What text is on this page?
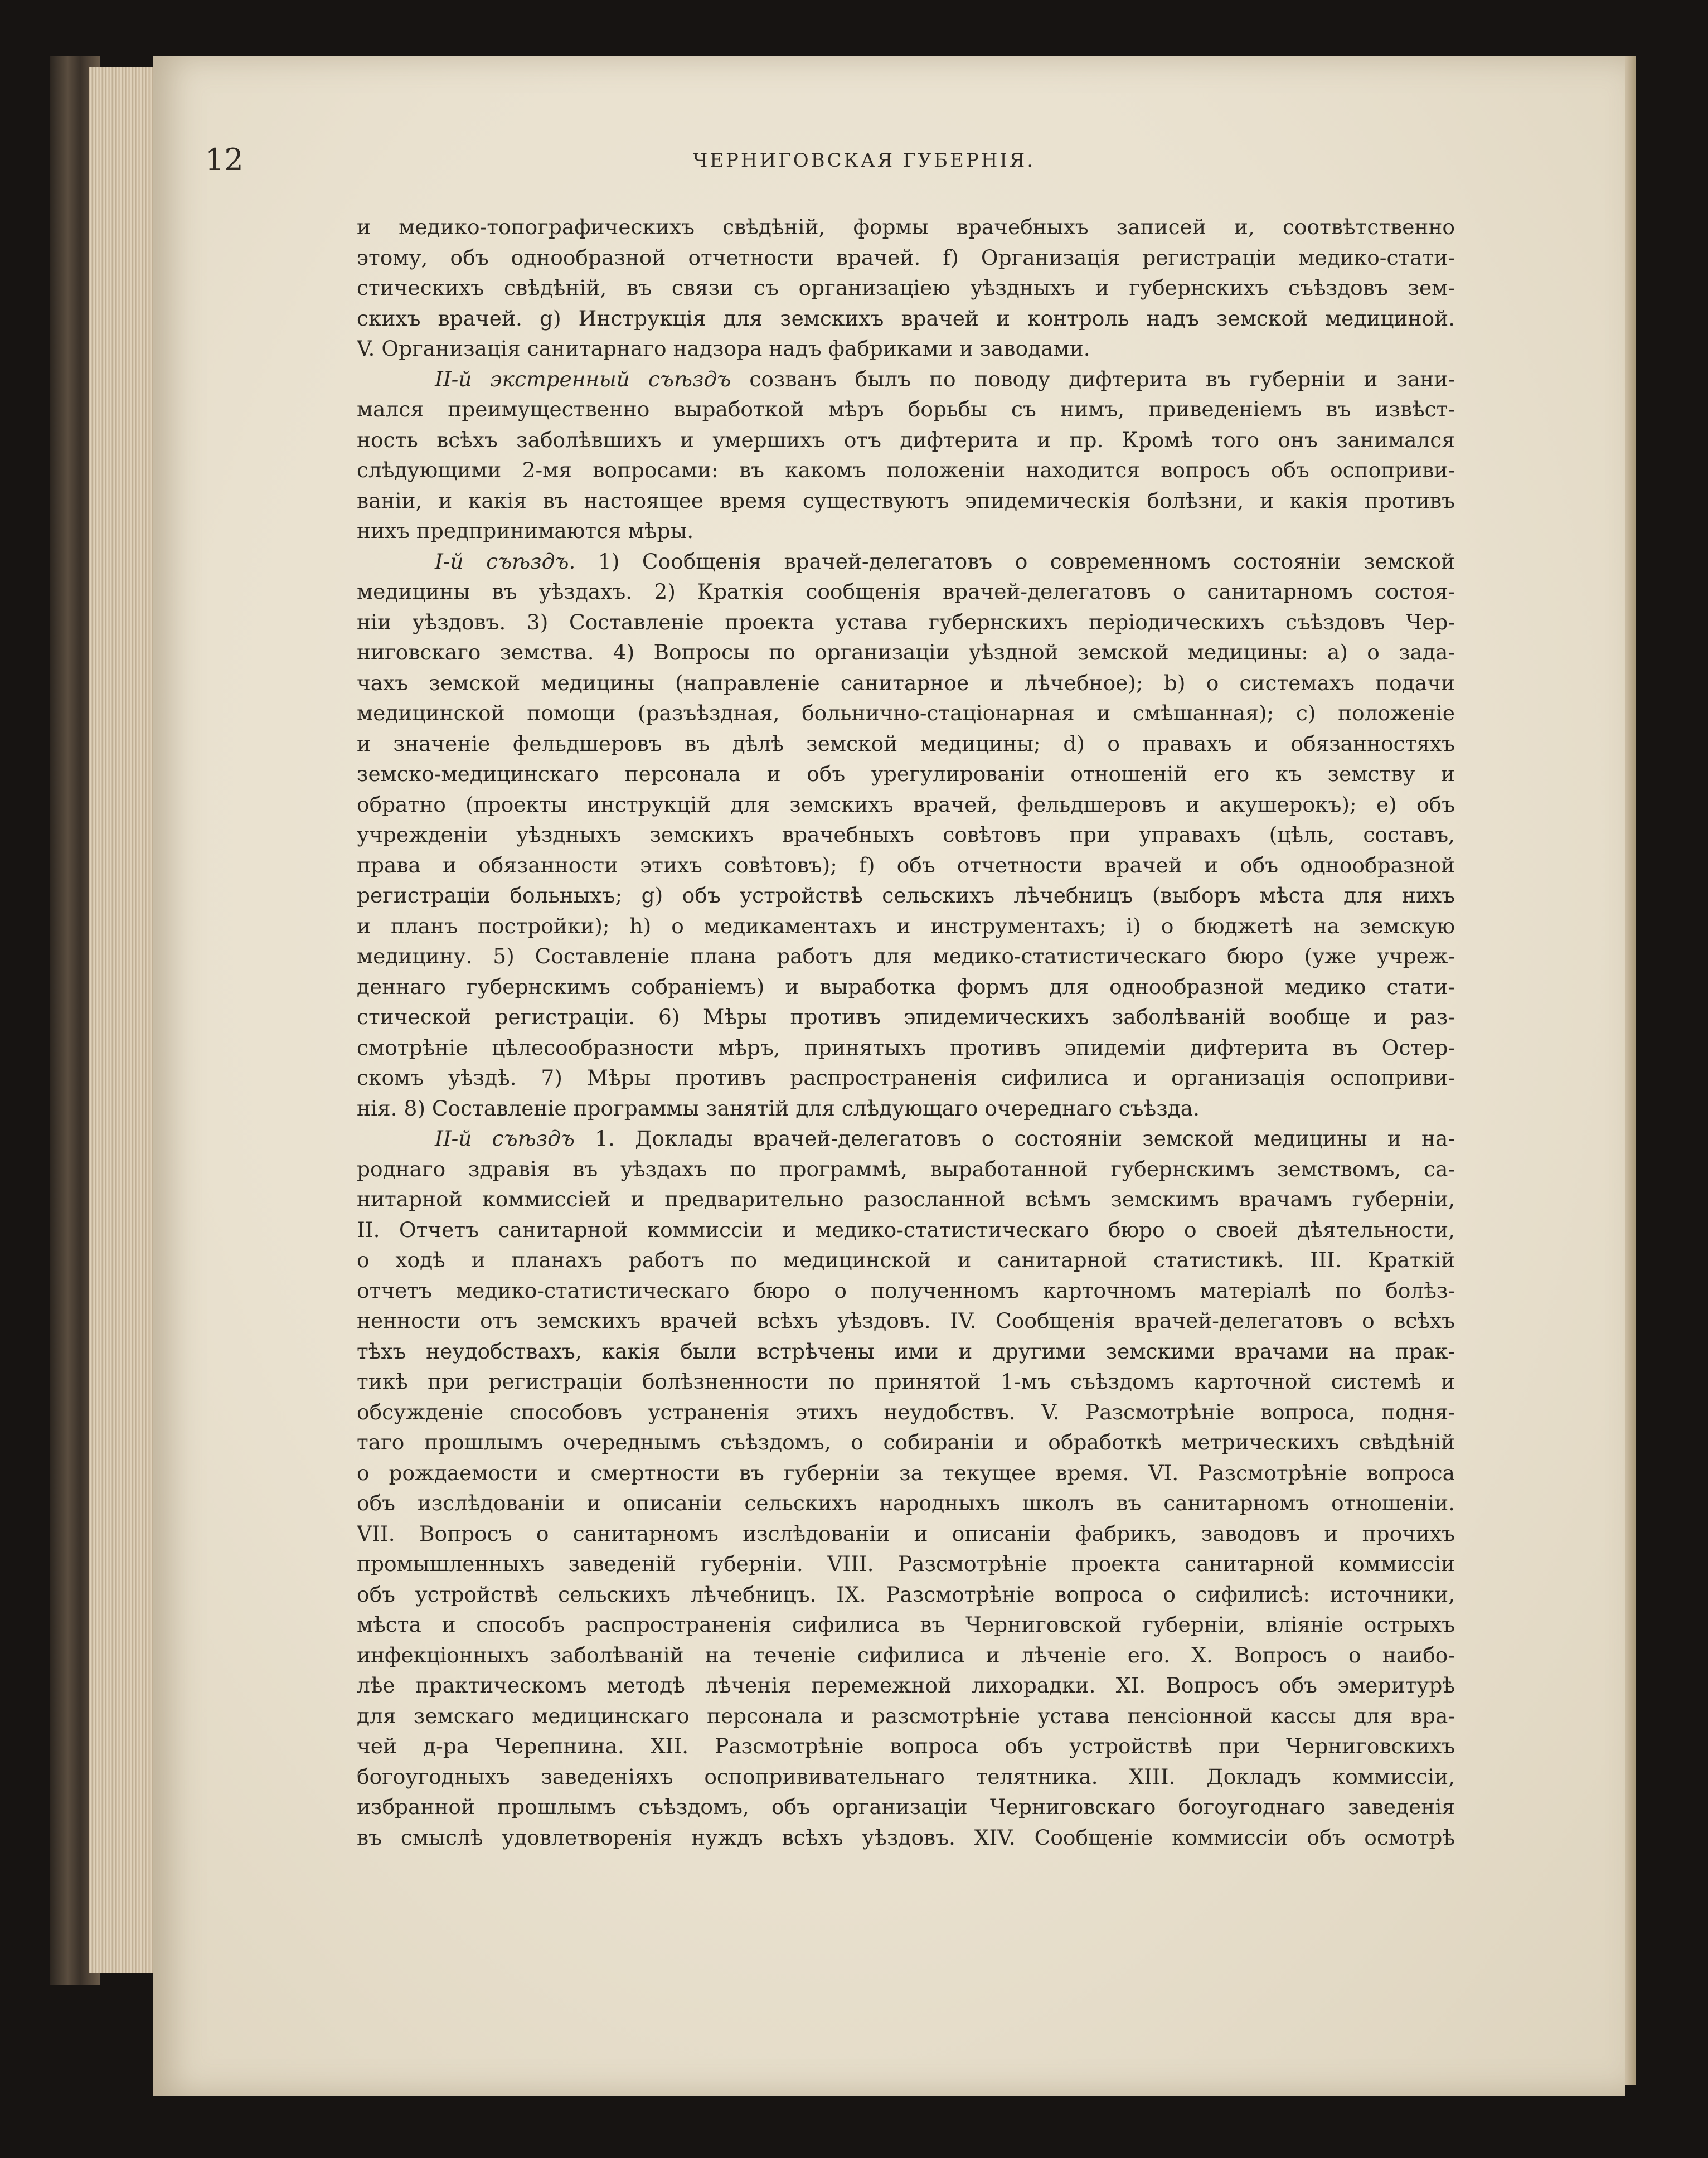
12	ЧЕРНИГОВСКАЯ ГУБЕРНІЯ.
и медико-топографическихъ свѣдѣній, формы врачебныхъ записей и, соотвѣтственно
этому, объ однообразной отчетности врачей. f) Организація регистраціи медико-стати-
стическихъ свѣдѣній, въ связи съ организаціею уѣздныхъ и губернскихъ съѣздовъ зем-
скихъ врачей. g) Инструкція для земскихъ врачей и контроль надъ земской медициной.
V. Организація санитарнаго надзора надъ фабриками и заводами.
II-й экстренный съѣздъ созванъ былъ по поводу дифтерита въ губерніи и зани-
мался преимущественно выработкой мѣръ борьбы съ нимъ, приведеніемъ въ извѣст-
ность всѣхъ заболѣвшихъ и умершихъ отъ дифтерита и пр. Кромѣ того онъ занимался
слѣдующими 2-мя вопросами: въ какомъ положеніи находится вопросъ объ оспоприви-
ваніи, и какія въ настоящее время существуютъ эпидемическія болѣзни, и какія противъ
нихъ предпринимаются мѣры.
I-й съѣздъ. 1) Сообщенія врачей-делегатовъ о современномъ состояніи земской
медицины въ уѣздахъ. 2) Краткія сообщенія врачей-делегатовъ о санитарномъ состоя-
ніи уѣздовъ. 3) Составленіе проекта устава губернскихъ періодическихъ съѣздовъ Чер-
ниговскаго земства. 4) Вопросы по организаціи уѣздной земской медицины: a) о зада-
чахъ земской медицины (направленіе санитарное и лѣчебное); b) о системахъ подачи
медицинской помощи (разъѣздная, больнично-стаціонарная и смѣшанная); c) положеніе
и значеніе фельдшеровъ въ дѣлѣ земской медицины; d) о правахъ и обязанностяхъ
земско-медицинскаго персонала и объ урегулированіи отношеній его къ земству и
обратно (проекты инструкцій для земскихъ врачей, фельдшеровъ и акушерокъ); e) объ
учрежденіи уѣздныхъ земскихъ врачебныхъ совѣтовъ при управахъ (цѣль, составъ,
права и обязанности этихъ совѣтовъ); f) объ отчетности врачей и объ однообразной
регистраціи больныхъ; g) объ устройствѣ сельскихъ лѣчебницъ (выборъ мѣста для нихъ
и планъ постройки); h) о медикаментахъ и инструментахъ; i) о бюджетѣ на земскую
медицину. 5) Составленіе плана работъ для медико-статистическаго бюро (уже учреж-
деннаго губернскимъ собраніемъ) и выработка формъ для однообразной медико стати-
стической регистраціи. 6) Мѣры противъ эпидемическихъ заболѣваній вообще и раз-
смотрѣніе цѣлесообразности мѣръ, принятыхъ противъ эпидеміи дифтерита въ Остер-
скомъ уѣздѣ. 7) Мѣры противъ распространенія сифилиса и организація оспоприви-
нія. 8) Составленіе программы занятій для слѣдующаго очереднаго съѣзда.
II-й съѣздъ 1. Доклады врачей-делегатовъ о состояніи земской медицины и на-
роднаго здравія въ уѣздахъ по программѣ, выработанной губернскимъ земствомъ, са-
нитарной коммиссіей и предварительно разосланной всѣмъ земскимъ врачамъ губерніи,
II. Отчетъ санитарной коммиссіи и медико-статистическаго бюро о своей дѣятельности,
о ходѣ и планахъ работъ по медицинской и санитарной статистикѣ. III. Краткій
отчетъ медико-статистическаго бюро о полученномъ карточномъ матеріалѣ по болѣз-
ненности отъ земскихъ врачей всѣхъ уѣздовъ. IV. Сообщенія врачей-делегатовъ о всѣхъ
тѣхъ неудобствахъ, какія были встрѣчены ими и другими земскими врачами на прак-
тикѣ при регистраціи болѣзненности по принятой 1-мъ съѣздомъ карточной системѣ и
обсужденіе способовъ устраненія этихъ неудобствъ. V. Разсмотрѣніе вопроса, подня-
таго прошлымъ очереднымъ съѣздомъ, о собираніи и обработкѣ метрическихъ свѣдѣній
о рождаемости и смертности въ губерніи за текущее время. VI. Разсмотрѣніе вопроса
объ изслѣдованіи и описаніи сельскихъ народныхъ школъ въ санитарномъ отношеніи.
VII. Вопросъ о санитарномъ изслѣдованіи и описаніи фабрикъ, заводовъ и прочихъ
промышленныхъ заведеній губерніи. VIII. Разсмотрѣніе проекта санитарной коммиссіи
объ устройствѣ сельскихъ лѣчебницъ. IX. Разсмотрѣніе вопроса о сифилисѣ: источники,
мѣста и способъ распространенія сифилиса въ Черниговской губерніи, вліяніе острыхъ
инфекціонныхъ заболѣваній на теченіе сифилиса и лѣченіе его. X. Вопросъ о наибо-
лѣе практическомъ методѣ лѣченія перемежной лихорадки. XI. Вопросъ объ эмеритурѣ
для земскаго медицинскаго персонала и разсмотрѣніе устава пенсіонной кассы для вра-
чей д-ра Черепнина. XII. Разсмотрѣніе вопроса объ устройствѣ при Черниговскихъ
богоугодныхъ заведеніяхъ оспопрививательнаго телятника. XIII. Докладъ коммиссіи,
избранной прошлымъ съѣздомъ, объ организаціи Черниговскаго богоугоднаго заведенія
въ смыслѣ удовлетворенія нуждъ всѣхъ уѣздовъ. XIV. Сообщеніе коммиссіи объ осмотрѣ
